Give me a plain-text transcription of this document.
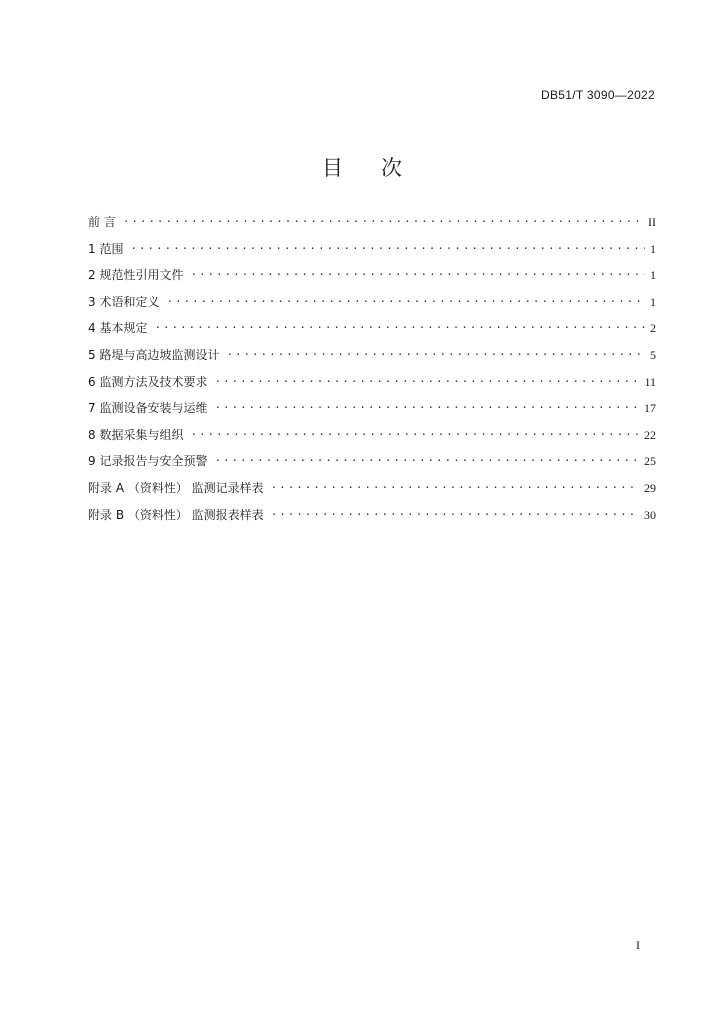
DB51/T 3090—2022
目 次
前 言 .....	II
1 范围 .....	1
2 规范性引用文件 .....	1
3 术语和定义 .....	1
4 基本规定 .....	2
5 路堤与高边坡监测设计 .....	5
6 监测方法及技术要求 .....	11
7 监测设备安装与运维 .....	17
8 数据采集与组织 .....	22
9 记录报告与安全预警 .....	25
附录 A （资料性） 监测记录样表 .....	29
附录 B （资料性） 监测报表样表 .....	30
I
